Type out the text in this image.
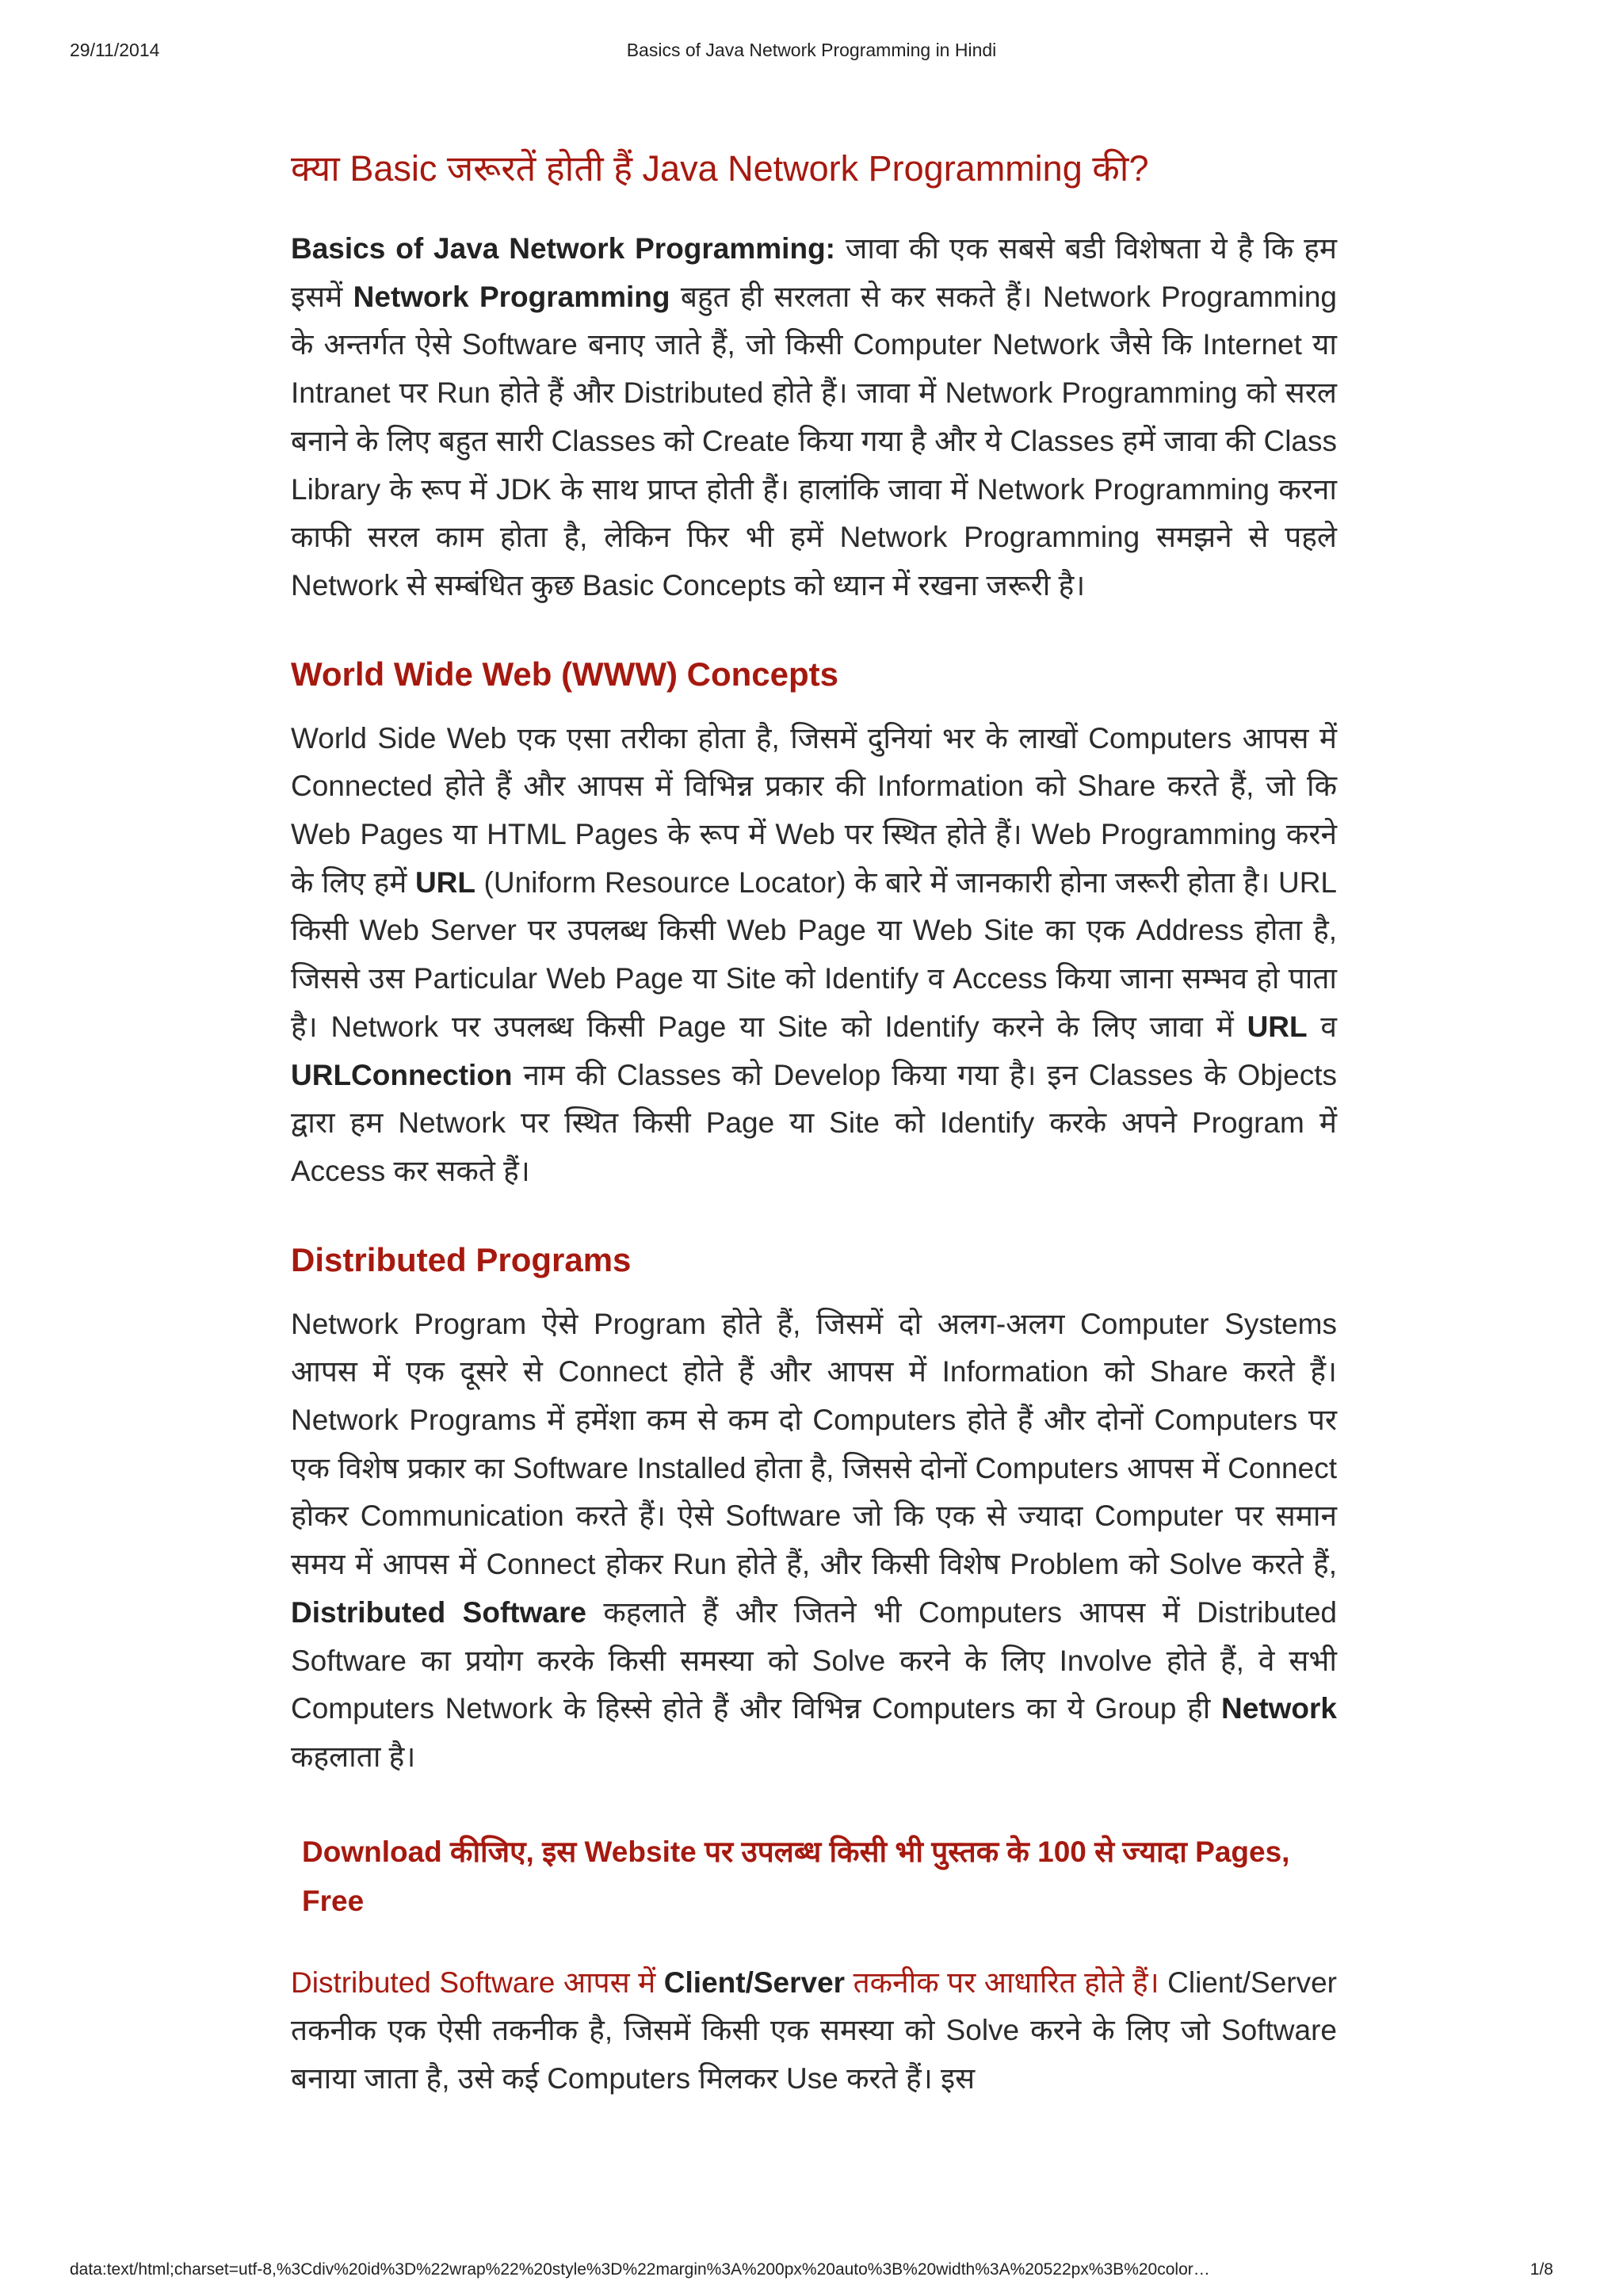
29/11/2014	Basics of Java Network Programming in Hindi
क्या Basic जरूरतें होती हैं Java Network Programming की?

Basics of Java Network Programming: जावा की एक सबसे बडी विशेषता ये है कि हम इसमें Network Programming बहुत ही सरलता से कर सकते हैं। Network Programming के अन्तर्गत ऐसे Software बनाए जाते हैं, जो किसी Computer Network जैसे कि Internet या Intranet पर Run होते हैं और Distributed होते हैं। जावा में Network Programming को सरल बनाने के लिए बहुत सारी Classes को Create किया गया है और ये Classes हमें जावा की Class Library के रूप में JDK के साथ प्राप्त होती हैं। हालांकि जावा में Network Programming करना काफी सरल काम होता है, लेकिन फिर भी हमें Network Programming समझने से पहले Network से सम्बंधित कुछ Basic Concepts को ध्यान में रखना जरूरी है।

World Wide Web (WWW) Concepts

World Side Web एक एसा तरीका होता है, जिसमें दुनियां भर के लाखों Computers आपस में Connected होते हैं और आपस में विभिन्न प्रकार की Information को Share करते हैं, जो कि Web Pages या HTML Pages के रूप में Web पर स्थित होते हैं। Web Programming करने के लिए हमें URL (Uniform Resource Locator) के बारे में जानकारी होना जरूरी होता है। URL किसी Web Server पर उपलब्ध किसी Web Page या Web Site का एक Address होता है, जिससे उस Particular Web Page या Site को Identify व Access किया जाना सम्भव हो पाता है। Network पर उपलब्ध किसी Page या Site को Identify करने के लिए जावा में URL व URLConnection नाम की Classes को Develop किया गया है। इन Classes के Objects द्वारा हम Network पर स्थित किसी Page या Site को Identify करके अपने Program में Access कर सकते हैं।

Distributed Programs

Network Program ऐसे Program होते हैं, जिसमें दो अलग-अलग Computer Systems आपस में एक दूसरे से Connect होते हैं और आपस में Information को Share करते हैं। Network Programs में हमेंशा कम से कम दो Computers होते हैं और दोनों Computers पर एक विशेष प्रकार का Software Installed होता है, जिससे दोनों Computers आपस में Connect होकर Communication करते हैं। ऐसे Software जो कि एक से ज्यादा Computer पर समान समय में आपस में Connect होकर Run होते हैं, और किसी विशेष Problem को Solve करते हैं, Distributed Software कहलाते हैं और जितने भी Computers आपस में Distributed Software का प्रयोग करके किसी समस्या को Solve करने के लिए Involve होते हैं, वे सभी Computers Network के हिस्से होते हैं और विभिन्न Computers का ये Group ही Network कहलाता है।

Download कीजिए, इस Website पर उपलब्ध किसी भी पुस्तक के 100 से ज्यादा Pages, Free

Distributed Software आपस में Client/Server तकनीक पर आधारित होते हैं। Client/Server तकनीक एक ऐसी तकनीक है, जिसमें किसी एक समस्या को Solve करने के लिए जो Software बनाया जाता है, उसे कई Computers मिलकर Use करते हैं। इस

data:text/html;charset=utf-8,%3Cdiv%20id%3D%22wrap%22%20style%3D%22margin%3A%200px%20auto%3B%20width%3A%20522px%3B%20color…	1/8
